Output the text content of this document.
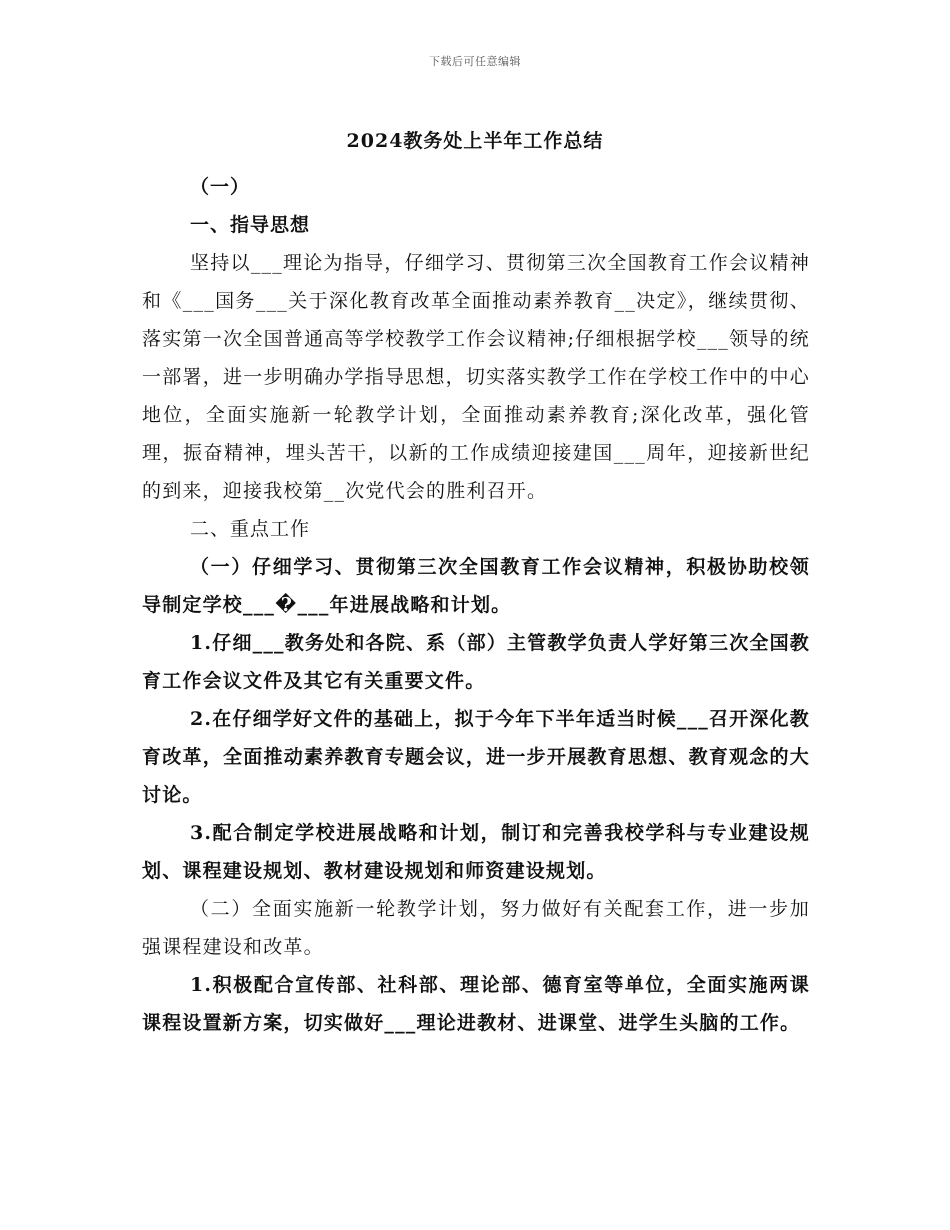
下载后可任意编辑
2024教务处上半年工作总结

（一）

一、指导思想

坚持以___理论为指导，仔细学习、贯彻第三次全国教育工作会议精神和《___国务___关于深化教育改革全面推动素养教育__决定》，继续贯彻、落实第一次全国普通高等学校教学工作会议精神;仔细根据学校___领导的统一部署，进一步明确办学指导思想，切实落实教学工作在学校工作中的中心地位，全面实施新一轮教学计划，全面推动素养教育;深化改革，强化管理，振奋精神，埋头苦干，以新的工作成绩迎接建国___周年，迎接新世纪的到来，迎接我校第__次党代会的胜利召开。

二、重点工作

（一）仔细学习、贯彻第三次全国教育工作会议精神，积极协助校领导制定学校___�___年进展战略和计划。

1.仔细___教务处和各院、系（部）主管教学负责人学好第三次全国教育工作会议文件及其它有关重要文件。

2.在仔细学好文件的基础上，拟于今年下半年适当时候___召开深化教育改革，全面推动素养教育专题会议，进一步开展教育思想、教育观念的大讨论。

3.配合制定学校进展战略和计划，制订和完善我校学科与专业建设规划、课程建设规划、教材建设规划和师资建设规划。

（二）全面实施新一轮教学计划，努力做好有关配套工作，进一步加强课程建设和改革。

1.积极配合宣传部、社科部、理论部、德育室等单位，全面实施两课课程设置新方案，切实做好___理论进教材、进课堂、进学生头脑的工作。
